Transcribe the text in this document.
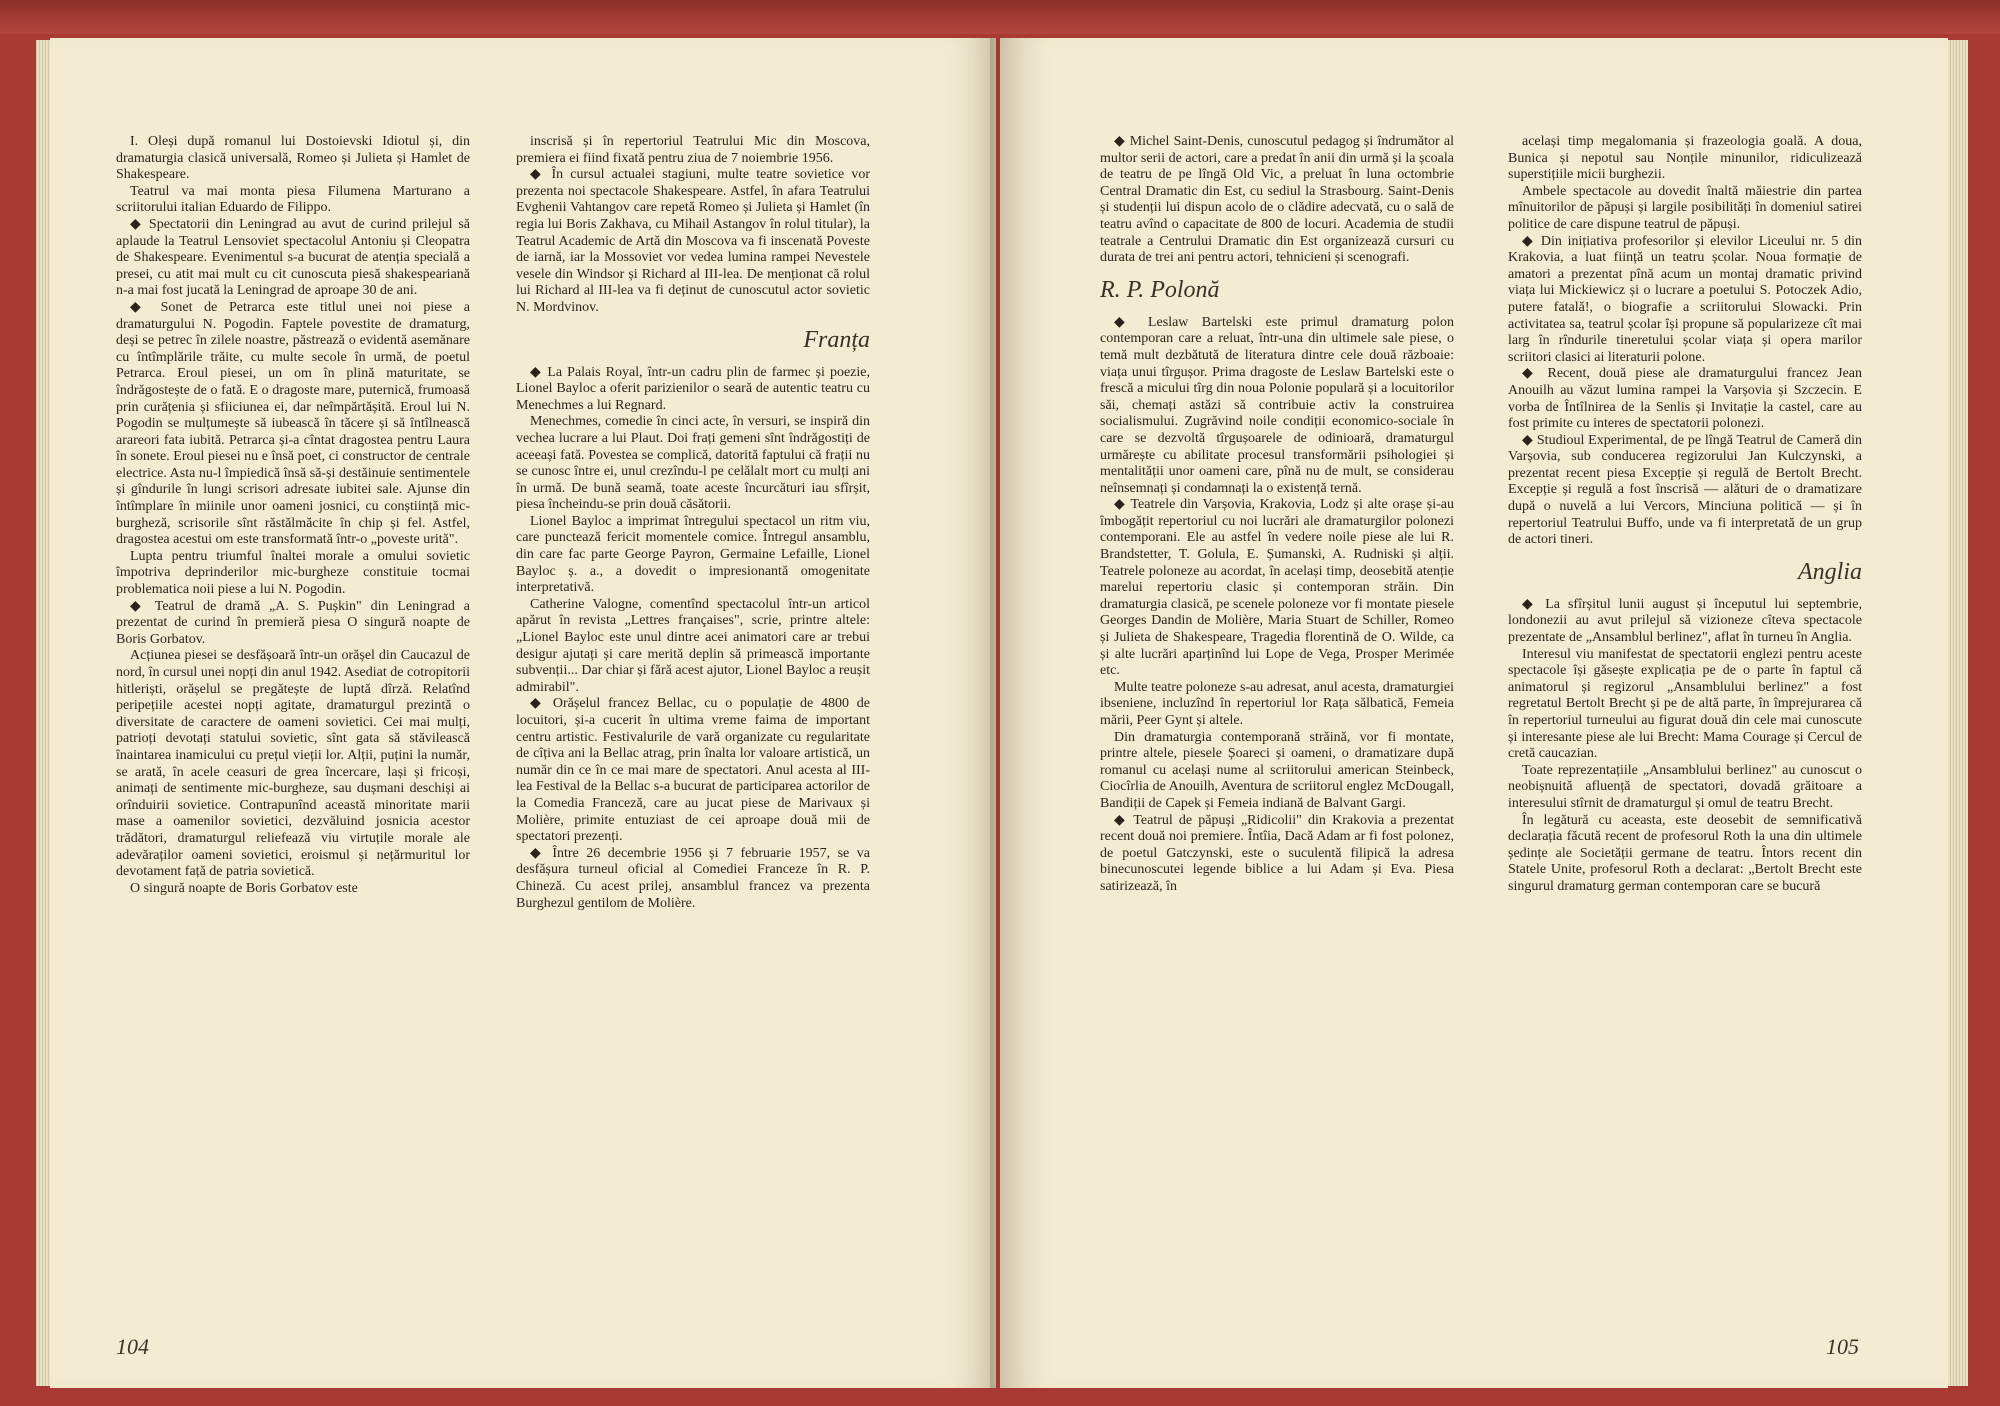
I. Oleși după romanul lui Dostoievski Idiotul și, din dramaturgia clasică universală, Romeo și Julieta și Hamlet de Shakespeare.

Teatrul va mai monta piesa Filumena Marturano a scriitorului italian Eduardo de Filippo.

◆ Spectatorii din Leningrad au avut de curind prilejul să aplaude la Teatrul Lensoviet spectacolul Antoniu și Cleopatra de Shakespeare. Evenimentul s-a bucurat de atenția specială a presei, cu atit mai mult cu cit cunoscuta piesă shakespeariană n-a mai fost jucată la Leningrad de aproape 30 de ani.

◆ Sonet de Petrarca este titlul unei noi piese a dramaturgului N. Pogodin. Faptele povestite de dramaturg, deși se petrec în zilele noastre, păstrează o evidentă asemănare cu întîmplările trăite, cu multe secole în urmă, de poetul Petrarca. Eroul piesei, un om în plină maturitate, se îndrăgostește de o fată. E o dragoste mare, puternică, frumoasă prin curățenia și sfiiciunea ei, dar neîmpărtășită. Eroul lui N. Pogodin se mulțumește să iubească în tăcere și să întîlnească arareori fata iubită. Petrarca și-a cîntat dragostea pentru Laura în sonete. Eroul piesei nu e însă poet, ci constructor de centrale electrice. Asta nu-l împiedică însă să-și destăinuie sentimentele și gîndurile în lungi scrisori adresate iubitei sale. Ajunse din întîmplare în miinile unor oameni josnici, cu conștiință mic-burgheză, scrisorile sînt răstălmăcite în chip și fel. Astfel, dragostea acestui om este transformată într-o „poveste urită".

Lupta pentru triumful înaltei morale a omului sovietic împotriva deprinderilor mic-burgheze constituie tocmai problematica noii piese a lui N. Pogodin.

◆ Teatrul de dramă „A. S. Pușkin" din Leningrad a prezentat de curind în premieră piesa O singură noapte de Boris Gorbatov.

Acțiunea piesei se desfășoară într-un orășel din Caucazul de nord, în cursul unei nopți din anul 1942. Asediat de cotropitorii hitleriști, orășelul se pregătește de luptă dîrză. Relatînd peripețiile acestei nopți agitate, dramaturgul prezintă o diversitate de caractere de oameni sovietici. Cei mai mulți, patrioți devotați statului sovietic, sînt gata să stăvilească înaintarea inamicului cu prețul vieții lor. Alții, puțini la număr, se arată, în acele ceasuri de grea încercare, lași și fricoși, animați de sentimente mic-burgheze, sau dușmani deschiși ai orînduirii sovietice. Contrapunînd această minoritate marii mase a oamenilor sovietici, dezvăluind josnicia acestor trădători, dramaturgul reliefează viu virtuțile morale ale adevăraților oameni sovietici, eroismul și nețărmuritul lor devotament față de patria sovietică.

O singură noapte de Boris Gorbatov este

inscrisă și în repertoriul Teatrului Mic din Moscova, premiera ei fiind fixată pentru ziua de 7 noiembrie 1956.

◆ În cursul actualei stagiuni, multe teatre sovietice vor prezenta noi spectacole Shakespeare. Astfel, în afara Teatrului Evghenii Vahtangov care repetă Romeo și Julieta și Hamlet (în regia lui Boris Zakhava, cu Mihail Astangov în rolul titular), la Teatrul Academic de Artă din Moscova va fi inscenată Poveste de iarnă, iar la Mossoviet vor vedea lumina rampei Nevestele vesele din Windsor și Richard al III-lea. De menționat că rolul lui Richard al III-lea va fi deținut de cunoscutul actor sovietic N. Mordvinov.

Franța

◆ La Palais Royal, într-un cadru plin de farmec și poezie, Lionel Bayloc a oferit parizienilor o seară de autentic teatru cu Menechmes a lui Regnard.

Menechmes, comedie în cinci acte, în versuri, se inspiră din vechea lucrare a lui Plaut. Doi frați gemeni sînt îndrăgostiți de aceeași fată. Povestea se complică, datorită faptului că frații nu se cunosc între ei, unul crezîndu-l pe celălalt mort cu mulți ani în urmă. De bună seamă, toate aceste încurcături iau sfîrșit, piesa încheindu-se prin două căsătorii.

Lionel Bayloc a imprimat întregului spectacol un ritm viu, care punctează fericit momentele comice. Întregul ansamblu, din care fac parte George Payron, Germaine Lefaille, Lionel Bayloc ș. a., a dovedit o impresionantă omogenitate interpretativă.

Catherine Valogne, comentînd spectacolul într-un articol apărut în revista „Lettres françaises", scrie, printre altele: „Lionel Bayloc este unul dintre acei animatori care ar trebui desigur ajutați și care merită deplin să primească importante subvenții... Dar chiar și fără acest ajutor, Lionel Bayloc a reușit admirabil".

◆ Orășelul francez Bellac, cu o populație de 4800 de locuitori, și-a cucerit în ultima vreme faima de important centru artistic. Festivalurile de vară organizate cu regularitate de cîțiva ani la Bellac atrag, prin înalta lor valoare artistică, un număr din ce în ce mai mare de spectatori. Anul acesta al III-lea Festival de la Bellac s-a bucurat de participarea actorilor de la Comedia Franceză, care au jucat piese de Marivaux și Molière, primite entuziast de cei aproape două mii de spectatori prezenți.

◆ Între 26 decembrie 1956 și 7 februarie 1957, se va desfășura turneul oficial al Comediei Franceze în R. P. Chineză. Cu acest prilej, ansamblul francez va prezenta Burghezul gentilom de Molière.

104

◆ Michel Saint-Denis, cunoscutul pedagog și îndrumător al multor serii de actori, care a predat în anii din urmă și la școala de teatru de pe lîngă Old Vic, a preluat în luna octombrie Central Dramatic din Est, cu sediul la Strasbourg. Saint-Denis și studenții lui dispun acolo de o clădire adecvată, cu o sală de teatru avînd o capacitate de 800 de locuri. Academia de studii teatrale a Centrului Dramatic din Est organizează cursuri cu durata de trei ani pentru actori, tehnicieni și scenografi.

R. P. Polonă

◆ Leslaw Bartelski este primul dramaturg polon contemporan care a reluat, într-una din ultimele sale piese, o temă mult dezbătută de literatura dintre cele două războaie: viața unui tîrgușor. Prima dragoste de Leslaw Bartelski este o frescă a micului tîrg din noua Polonie populară și a locuitorilor săi, chemați astăzi să contribuie activ la construirea socialismului. Zugrăvind noile condiții economico-sociale în care se dezvoltă tîrgușoarele de odinioară, dramaturgul urmărește cu abilitate procesul transformării psihologiei și mentalității unor oameni care, pînă nu de mult, se considerau neînsemnați și condamnați la o existență ternă.

◆ Teatrele din Varșovia, Krakovia, Lodz și alte orașe și-au îmbogățit repertoriul cu noi lucrări ale dramaturgilor polonezi contemporani. Ele au astfel în vedere noile piese ale lui R. Brandstetter, T. Golula, E. Șumanski, A. Rudniski și alții. Teatrele poloneze au acordat, în același timp, deosebită atenție marelui repertoriu clasic și contemporan străin. Din dramaturgia clasică, pe scenele poloneze vor fi montate piesele Georges Dandin de Molière, Maria Stuart de Schiller, Romeo și Julieta de Shakespeare, Tragedia florentină de O. Wilde, ca și alte lucrări aparținînd lui Lope de Vega, Prosper Merimée etc.

Multe teatre poloneze s-au adresat, anul acesta, dramaturgiei ibseniene, incluzînd în repertoriul lor Rața sălbatică, Femeia mării, Peer Gynt și altele.

Din dramaturgia contemporană străină, vor fi montate, printre altele, piesele Șoareci și oameni, o dramatizare după romanul cu același nume al scriitorului american Steinbeck, Ciocîrlia de Anouilh, Aventura de scriitorul englez McDougall, Bandiții de Capek și Femeia indiană de Balvant Gargi.

◆ Teatrul de păpuși „Ridicolii" din Krakovia a prezentat recent două noi premiere. Întîia, Dacă Adam ar fi fost polonez, de poetul Gatczynski, este o suculentă filipică la adresa binecunoscutei legende biblice a lui Adam și Eva. Piesa satirizează, în

același timp megalomania și frazeologia goală. A doua, Bunica și nepotul sau Nonțile minunilor, ridiculizează superstițiile micii burghezii.

Ambele spectacole au dovedit înaltă măiestrie din partea mînuitorilor de păpuși și largile posibilități în domeniul satirei politice de care dispune teatrul de păpuși.

◆ Din inițiativa profesorilor și elevilor Liceului nr. 5 din Krakovia, a luat ființă un teatru școlar. Noua formație de amatori a prezentat pînă acum un montaj dramatic privind viața lui Mickiewicz și o lucrare a poetului S. Potoczek Adio, putere fatală!, o biografie a scriitorului Slowacki. Prin activitatea sa, teatrul școlar își propune să popularizeze cît mai larg în rîndurile tineretului școlar viața și opera marilor scriitori clasici ai literaturii polone.

◆ Recent, două piese ale dramaturgului francez Jean Anouilh au văzut lumina rampei la Varșovia și Szczecin. E vorba de Întîlnirea de la Senlis și Invitație la castel, care au fost primite cu interes de spectatorii polonezi.

◆ Studioul Experimental, de pe lîngă Teatrul de Cameră din Varșovia, sub conducerea regizorului Jan Kulczynski, a prezentat recent piesa Excepție și regulă de Bertolt Brecht. Excepție și regulă a fost înscrisă — alături de o dramatizare după o nuvelă a lui Vercors, Minciuna politică — și în repertoriul Teatrului Buffo, unde va fi interpretată de un grup de actori tineri.

Anglia

◆ La sfîrșitul lunii august și începutul lui septembrie, londonezii au avut prilejul să vizioneze cîteva spectacole prezentate de „Ansamblul berlinez", aflat în turneu în Anglia.

Interesul viu manifestat de spectatorii englezi pentru aceste spectacole își găsește explicația pe de o parte în faptul că animatorul și regizorul „Ansamblului berlinez" a fost regretatul Bertolt Brecht și pe de altă parte, în împrejurarea că în repertoriul turneului au figurat două din cele mai cunoscute și interesante piese ale lui Brecht: Mama Courage și Cercul de cretă caucazian.

Toate reprezentațiile „Ansamblului berlinez" au cunoscut o neobișnuită afluență de spectatori, dovadă grăitoare a interesului stîrnit de dramaturgul și omul de teatru Brecht.

În legătură cu aceasta, este deosebit de semnificativă declarația făcută recent de profesorul Roth la una din ultimele ședințe ale Societății germane de teatru. Întors recent din Statele Unite, profesorul Roth a declarat: „Bertolt Brecht este singurul dramaturg german contemporan care se bucură

105
